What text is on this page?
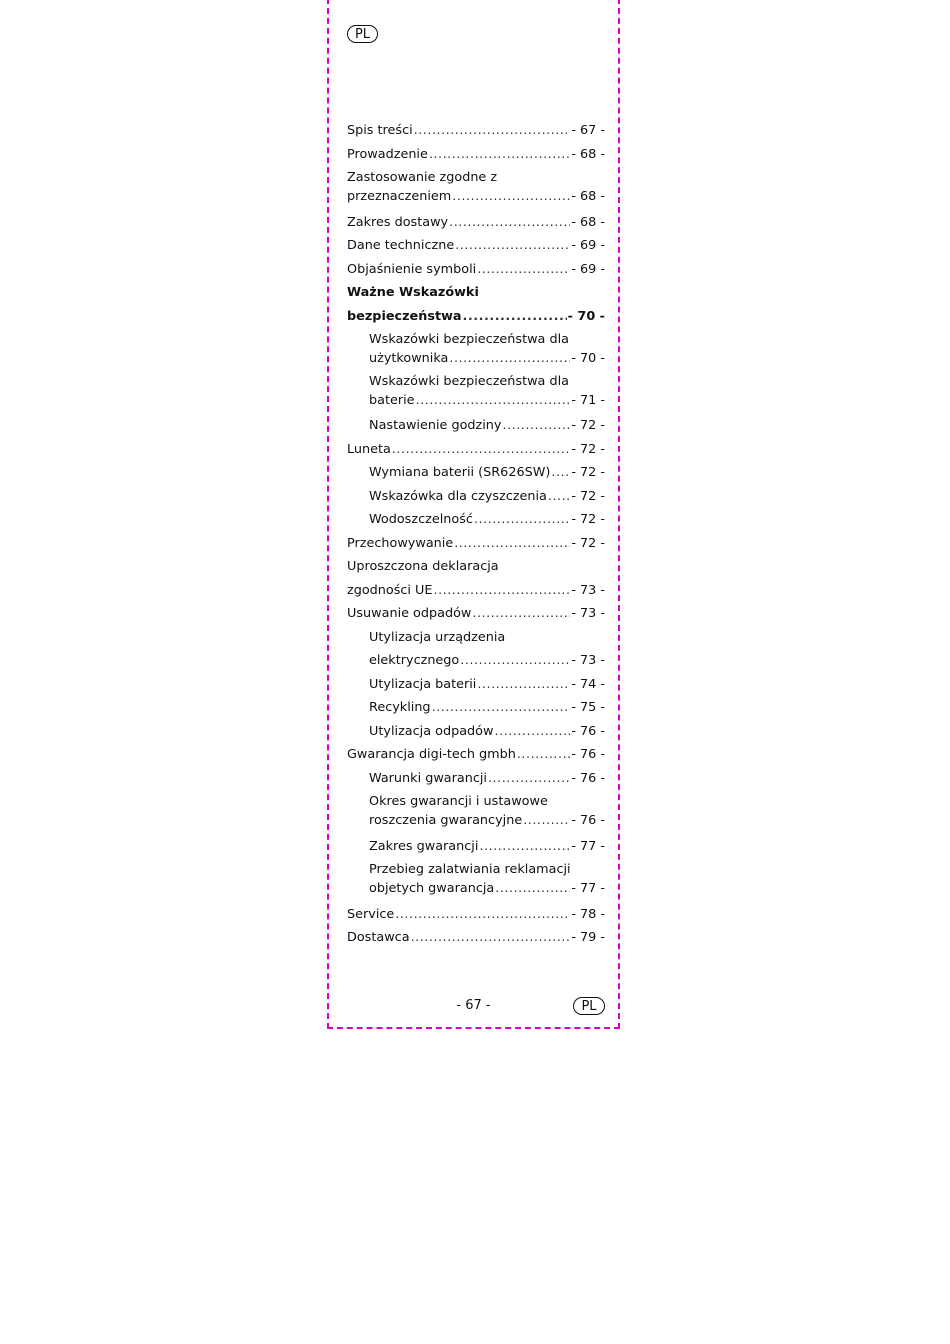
PL
Spis treści .....	- 67 -
Prowadzenie .....	- 68 -
Zastosowanie zgodne z
przeznaczeniem .....	- 68 -
Zakres dostawy .....	- 68 -
Dane techniczne .....	- 69 -
Objaśnienie symboli .....	- 69 -
Ważne Wskazówki
bezpieczeństwa .....	- 70 -
Wskazówki bezpieczeństwa dla
użytkownika .....	- 70 -
Wskazówki bezpieczeństwa dla
baterie .....	- 71 -
Nastawienie godziny .....	- 72 -
Luneta .....	- 72 -
Wymiana baterii (SR626SW) ..... - 72 -
Wskazówka dla czyszczenia ..... - 72 -
Wodoszczelność .....	- 72 -
Przechowywanie .....	- 72 -
Uproszczona deklaracja
zgodności UE .....	- 73 -
Usuwanie odpadów .....	- 73 -
Utylizacja urządzenia
elektrycznego .....	- 73 -
Utylizacja baterii .....	- 74 -
Recykling .....	- 75 -
Utylizacja odpadów .....	- 76 -
Gwarancja digi-tech gmbh .....	- 76 -
Warunki gwarancji .....	- 76 -
Okres gwarancji i ustawowe
roszczenia gwarancyjne .....	- 76 -
Zakres gwarancji .....	- 77 -
Przebieg zalatwiania reklamacji
objetych gwarancja .....	- 77 -
Service .....	- 78 -
Dostawca .....	- 79 -
- 67 -	PL
